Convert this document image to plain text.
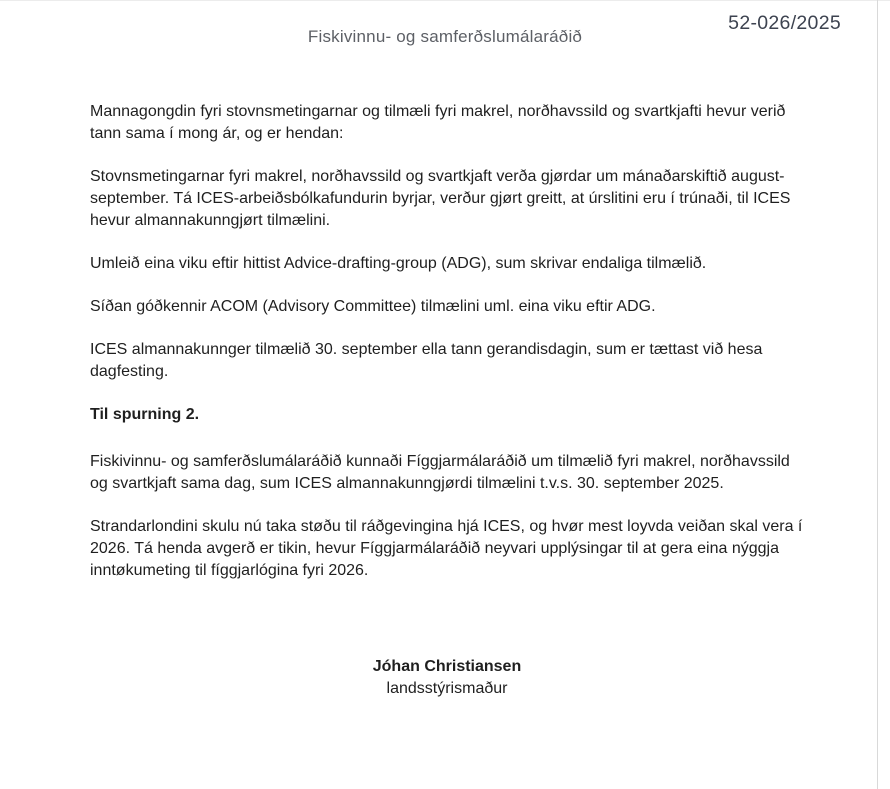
Fiskivinnu- og samferðslumálaráðið
52-026/2025

Mannagongdin fyri stovnsmetingarnar og tilmæli fyri makrel, norðhavssild og svartkjafti hevur verið tann sama í mong ár, og er hendan:

Stovnsmetingarnar fyri makrel, norðhavssild og svartkjaft verða gjørdar um mánaðarskiftið august-september. Tá ICES-arbeiðsbólkafundurin byrjar, verður gjørt greitt, at úrslitini eru í trúnaði, til ICES hevur almannakunngjørt tilmælini.

Umleið eina viku eftir hittist Advice-drafting-group (ADG), sum skrivar endaliga tilmælið.

Síðan góðkennir ACOM (Advisory Committee) tilmælini uml. eina viku eftir ADG.

ICES almannakunnger tilmælið 30. september ella tann gerandisdagin, sum er tættast við hesa dagfesting.

Til spurning 2.

Fiskivinnu- og samferðslumálaráðið kunnaði Fíggjarmálaráðið um tilmælið fyri makrel, norðhavssild og svartkjaft sama dag, sum ICES almannakunngjørdi tilmælini t.v.s. 30. september 2025.

Strandarlondini skulu nú taka støðu til ráðgevingina hjá ICES, og hvør mest loyvda veiðan skal vera í 2026. Tá henda avgerð er tikin, hevur Fíggjarmálaráðið neyvari upplýsingar til at gera eina nýggja inntøkumeting til fíggjarlógina fyri 2026.

Jóhan Christiansen
landsstýrismaður
